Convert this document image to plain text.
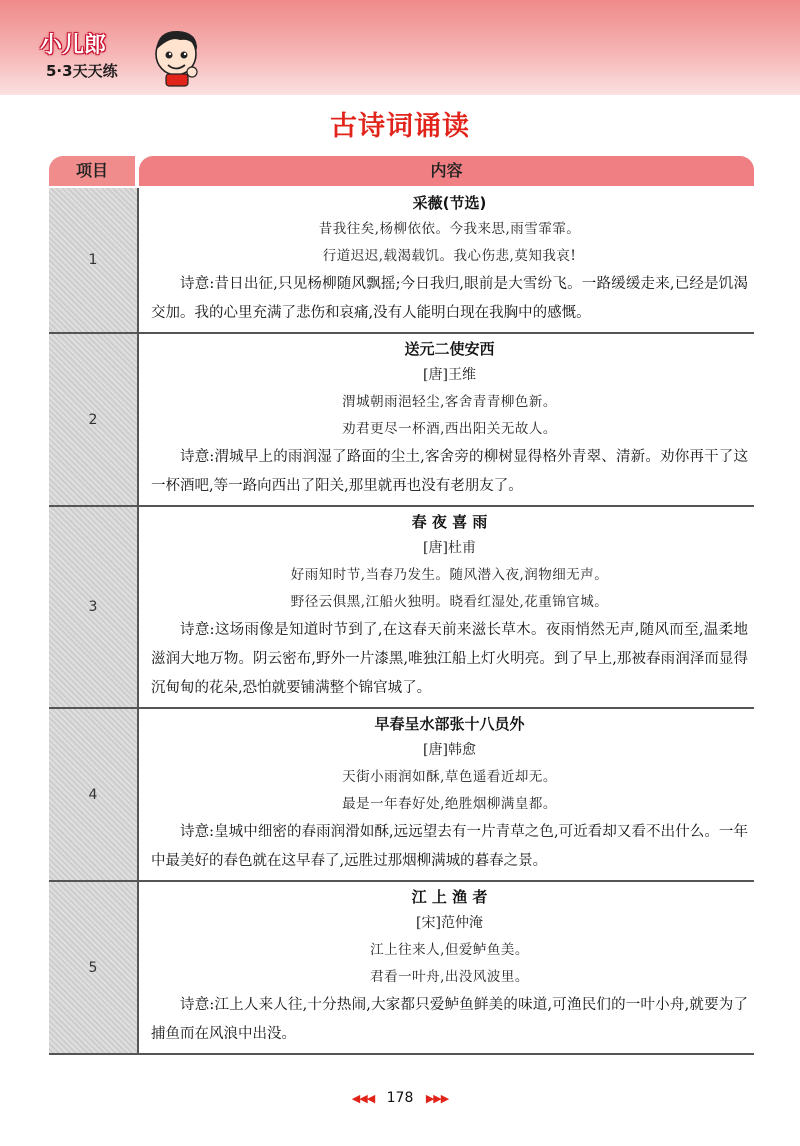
小儿郎
5·3天天练
古诗词诵读
项目	内容
1
采薇(节选)
昔我往矣,杨柳依依。今我来思,雨雪霏霏。
行道迟迟,载渴载饥。我心伤悲,莫知我哀!
诗意:昔日出征,只见杨柳随风飘摇;今日我归,眼前是大雪纷飞。一路缓缓走来,已经是饥渴交加。我的心里充满了悲伤和哀痛,没有人能明白现在我胸中的感慨。
2
送元二使安西
[唐]王维
渭城朝雨浥轻尘,客舍青青柳色新。
劝君更尽一杯酒,西出阳关无故人。
诗意:渭城早上的雨润湿了路面的尘土,客舍旁的柳树显得格外青翠、清新。劝你再干了这一杯酒吧,等一路向西出了阳关,那里就再也没有老朋友了。
3
春 夜 喜 雨
[唐]杜甫
好雨知时节,当春乃发生。随风潜入夜,润物细无声。
野径云俱黑,江船火独明。晓看红湿处,花重锦官城。
诗意:这场雨像是知道时节到了,在这春天前来滋长草木。夜雨悄然无声,随风而至,温柔地滋润大地万物。阴云密布,野外一片漆黑,唯独江船上灯火明亮。到了早上,那被春雨润泽而显得沉甸甸的花朵,恐怕就要铺满整个锦官城了。
4
早春呈水部张十八员外
[唐]韩愈
天街小雨润如酥,草色遥看近却无。
最是一年春好处,绝胜烟柳满皇都。
诗意:皇城中细密的春雨润滑如酥,远远望去有一片青草之色,可近看却又看不出什么。一年中最美好的春色就在这早春了,远胜过那烟柳满城的暮春之景。
5
江 上 渔 者
[宋]范仲淹
江上往来人,但爱鲈鱼美。
君看一叶舟,出没风波里。
诗意:江上人来人往,十分热闹,大家都只爱鲈鱼鲜美的味道,可渔民们的一叶小舟,就要为了捕鱼而在风浪中出没。
◀◀◀ 178 ▶▶▶
